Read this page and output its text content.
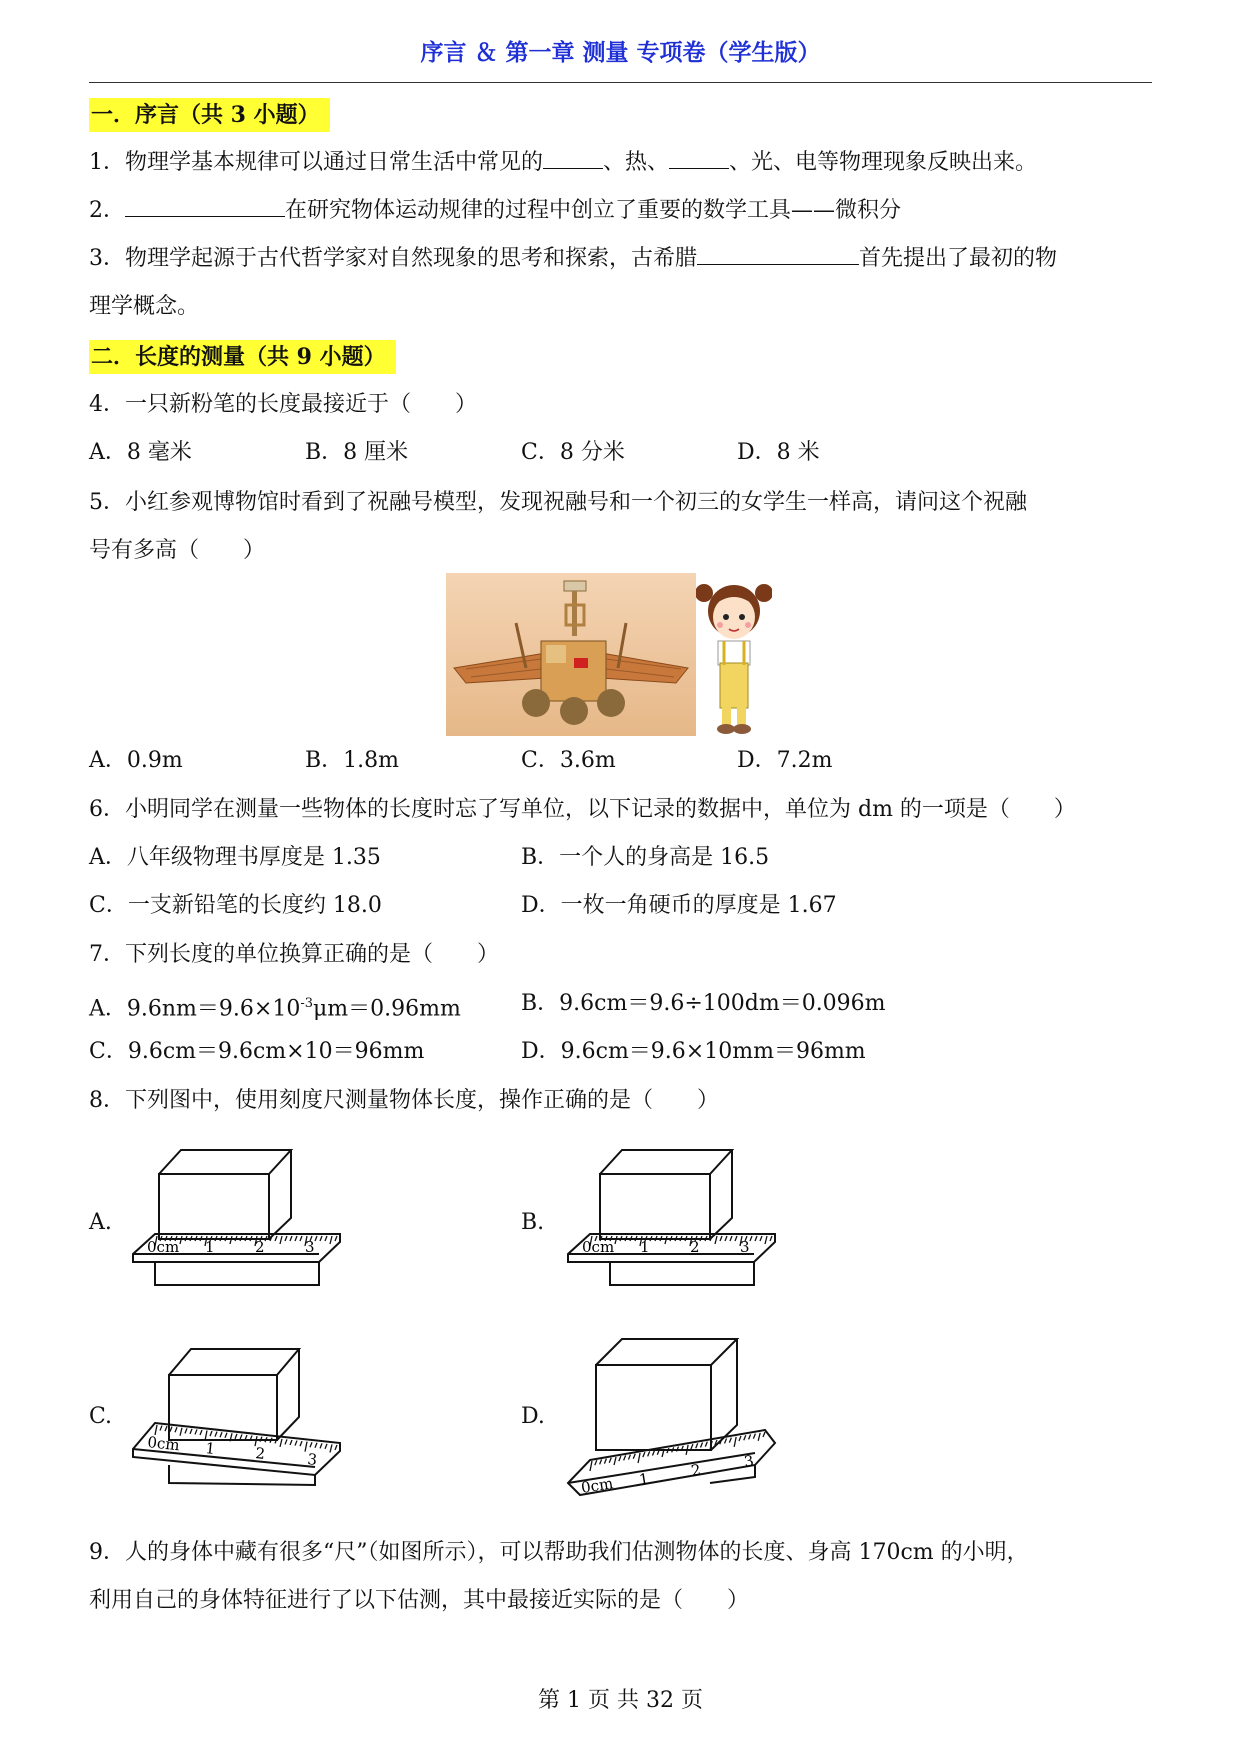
序言 ＆ 第一章 测量 专项卷（学生版）
一．序言（共 3 小题）
1．物理学基本规律可以通过日常生活中常见的	、热、	、光、电等物理现象反映出来。
2．	在研究物体运动规律的过程中创立了重要的数学工具——微积分
3．物理学起源于古代哲学家对自然现象的思考和探索，古希腊	首先提出了最初的物
理学概念。
二．长度的测量（共 9 小题）
4．一只新粉笔的长度最接近于（　　）
A．8 毫米	B．8 厘米	C．8 分米	D．8 米
5．小红参观博物馆时看到了祝融号模型，发现祝融号和一个初三的女学生一样高，请问这个祝融
号有多高（　　）
A．0.9m	B．1.8m	C．3.6m	D．7.2m
6．小明同学在测量一些物体的长度时忘了写单位，以下记录的数据中，单位为 dm 的一项是（　　）
A．八年级物理书厚度是 1.35	B．一个人的身高是 16.5
C．一支新铅笔的长度约 18.0	D．一枚一角硬币的厚度是 1.67
7．下列长度的单位换算正确的是（　　）
A．$9.6nm=9.6\times 10^{-3}\mu m=0.96mm$	B．9.6cm＝9.6÷100dm＝0.096m
C．9.6cm＝9.6cm×10＝96mm	D．9.6cm＝9.6×10mm＝96mm
8．下列图中，使用刻度尺测量物体长度，操作正确的是（　　）
A.	B.
C.	D.
0cm 1	2	3	0cm 1	2	3
0cm 1	2	3
0cm 1	2	3
9．人的身体中藏有很多“尺”（如图所示），可以帮助我们估测物体的长度、身高 170cm 的小明，
利用自己的身体特征进行了以下估测，其中最接近实际的是（　　）
第 1 页 共 32 页
